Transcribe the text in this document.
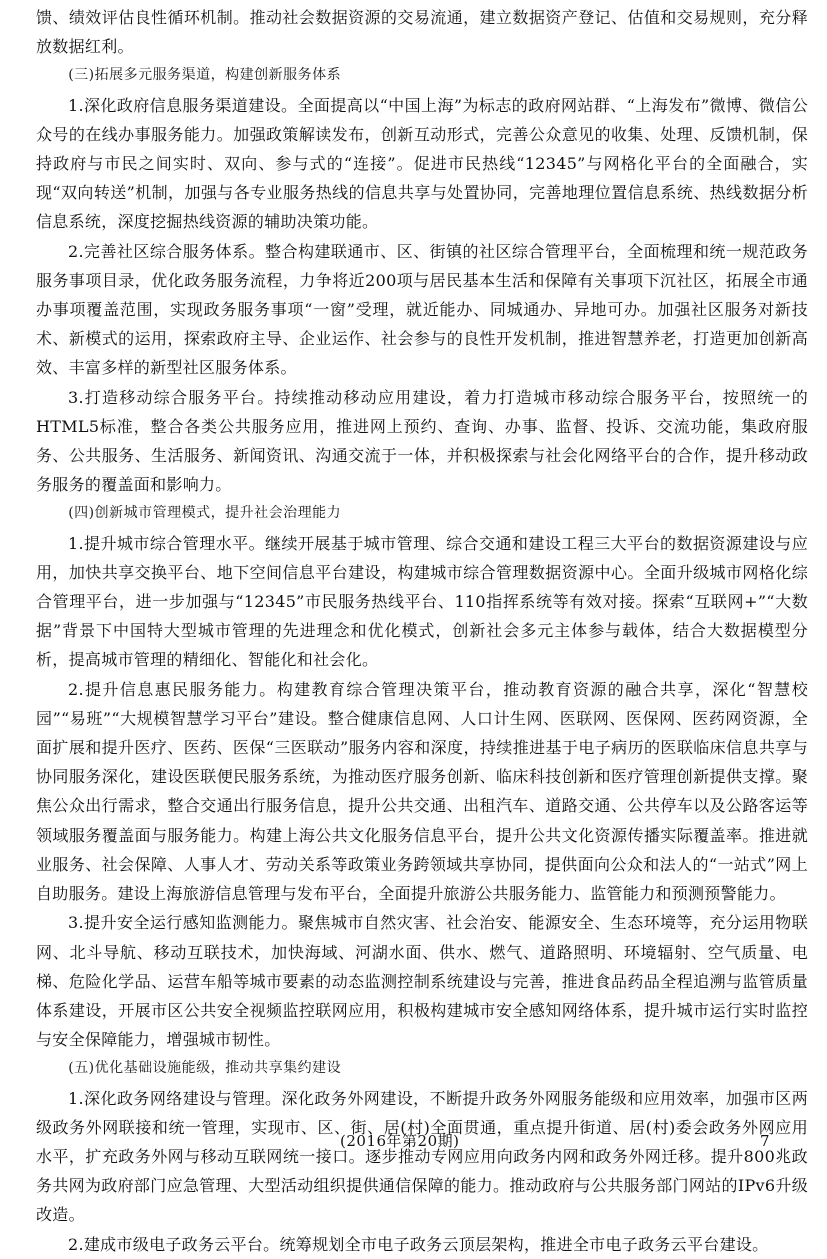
馈、绩效评估良性循环机制。推动社会数据资源的交易流通，建立数据资产登记、估值和交易规则，充分释放数据红利。

(三)拓展多元服务渠道，构建创新服务体系

1.深化政府信息服务渠道建设。全面提高以“中国上海”为标志的政府网站群、“上海发布”微博、微信公众号的在线办事服务能力。加强政策解读发布，创新互动形式，完善公众意见的收集、处理、反馈机制，保持政府与市民之间实时、双向、参与式的“连接”。促进市民热线“12345”与网格化平台的全面融合，实现“双向转送”机制，加强与各专业服务热线的信息共享与处置协同，完善地理位置信息系统、热线数据分析信息系统，深度挖掘热线资源的辅助决策功能。

2.完善社区综合服务体系。整合构建联通市、区、街镇的社区综合管理平台，全面梳理和统一规范政务服务事项目录，优化政务服务流程，力争将近200项与居民基本生活和保障有关事项下沉社区，拓展全市通办事项覆盖范围，实现政务服务事项“一窗”受理，就近能办、同城通办、异地可办。加强社区服务对新技术、新模式的运用，探索政府主导、企业运作、社会参与的良性开发机制，推进智慧养老，打造更加创新高效、丰富多样的新型社区服务体系。

3.打造移动综合服务平台。持续推动移动应用建设，着力打造城市移动综合服务平台，按照统一的HTML5标准，整合各类公共服务应用，推进网上预约、查询、办事、监督、投诉、交流功能，集政府服务、公共服务、生活服务、新闻资讯、沟通交流于一体，并积极探索与社会化网络平台的合作，提升移动政务服务的覆盖面和影响力。

(四)创新城市管理模式，提升社会治理能力

1.提升城市综合管理水平。继续开展基于城市管理、综合交通和建设工程三大平台的数据资源建设与应用，加快共享交换平台、地下空间信息平台建设，构建城市综合管理数据资源中心。全面升级城市网格化综合管理平台，进一步加强与“12345”市民服务热线平台、110指挥系统等有效对接。探索“互联网+”“大数据”背景下中国特大型城市管理的先进理念和优化模式，创新社会多元主体参与载体，结合大数据模型分析，提高城市管理的精细化、智能化和社会化。

2.提升信息惠民服务能力。构建教育综合管理决策平台，推动教育资源的融合共享，深化“智慧校园”“易班”“大规模智慧学习平台”建设。整合健康信息网、人口计生网、医联网、医保网、医药网资源，全面扩展和提升医疗、医药、医保“三医联动”服务内容和深度，持续推进基于电子病历的医联临床信息共享与协同服务深化，建设医联便民服务系统，为推动医疗服务创新、临床科技创新和医疗管理创新提供支撑。聚焦公众出行需求，整合交通出行服务信息，提升公共交通、出租汽车、道路交通、公共停车以及公路客运等领域服务覆盖面与服务能力。构建上海公共文化服务信息平台，提升公共文化资源传播实际覆盖率。推进就业服务、社会保障、人事人才、劳动关系等政策业务跨领域共享协同，提供面向公众和法人的“一站式”网上自助服务。建设上海旅游信息管理与发布平台，全面提升旅游公共服务能力、监管能力和预测预警能力。

3.提升安全运行感知监测能力。聚焦城市自然灾害、社会治安、能源安全、生态环境等，充分运用物联网、北斗导航、移动互联技术，加快海域、河湖水面、供水、燃气、道路照明、环境辐射、空气质量、电梯、危险化学品、运营车船等城市要素的动态监测控制系统建设与完善，推进食品药品全程追溯与监管质量体系建设，开展市区公共安全视频监控联网应用，积极构建城市安全感知网络体系，提升城市运行实时监控与安全保障能力，增强城市韧性。

(五)优化基础设施能级，推动共享集约建设

1.深化政务网络建设与管理。深化政务外网建设，不断提升政务外网服务能级和应用效率，加强市区两级政务外网联接和统一管理，实现市、区、街、居(村)全面贯通，重点提升街道、居(村)委会政务外网应用水平，扩充政务外网与移动互联网统一接口。逐步推动专网应用向政务内网和政务外网迁移。提升800兆政务共网为政府部门应急管理、大型活动组织提供通信保障的能力。推动政府与公共服务部门网站的IPv6升级改造。

2.建成市级电子政务云平台。统筹规划全市电子政务云顶层架构，推进全市电子政务云平台建设。

(2016年第20期)	7
